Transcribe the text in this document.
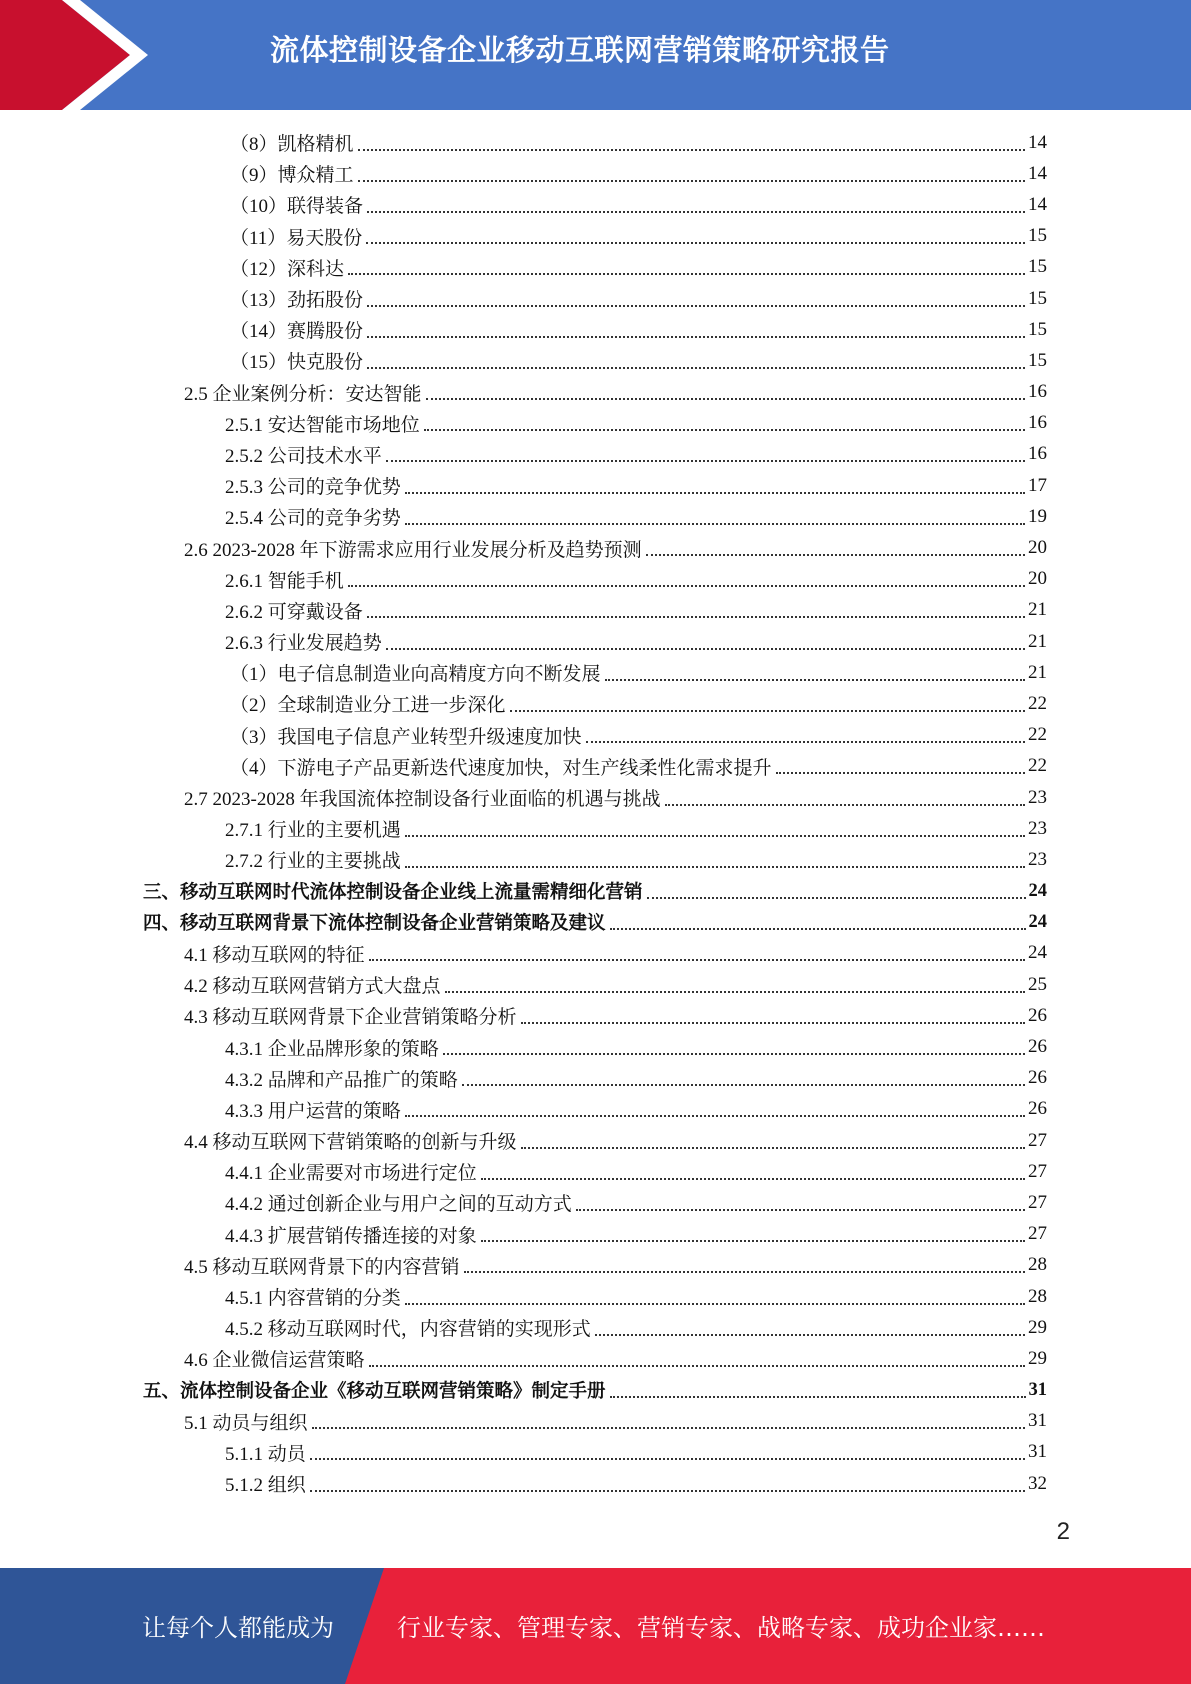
流体控制设备企业移动互联网营销策略研究报告
（8）凯格精机	14
（9）博众精工	14
（10）联得装备	14
（11）易天股份	15
（12）深科达	15
（13）劲拓股份	15
（14）赛腾股份	15
（15）快克股份	15
2.5 企业案例分析：安达智能	16
2.5.1 安达智能市场地位	16
2.5.2 公司技术水平	16
2.5.3 公司的竞争优势	17
2.5.4 公司的竞争劣势	19
2.6 2023-2028 年下游需求应用行业发展分析及趋势预测	20
2.6.1 智能手机	20
2.6.2 可穿戴设备	21
2.6.3 行业发展趋势	21
（1）电子信息制造业向高精度方向不断发展	21
（2）全球制造业分工进一步深化	22
（3）我国电子信息产业转型升级速度加快	22
（4）下游电子产品更新迭代速度加快，对生产线柔性化需求提升	22
2.7 2023-2028 年我国流体控制设备行业面临的机遇与挑战	23
2.7.1 行业的主要机遇	23
2.7.2 行业的主要挑战	23
三、移动互联网时代流体控制设备企业线上流量需精细化营销	24
四、移动互联网背景下流体控制设备企业营销策略及建议	24
4.1 移动互联网的特征	24
4.2 移动互联网营销方式大盘点	25
4.3 移动互联网背景下企业营销策略分析	26
4.3.1 企业品牌形象的策略	26
4.3.2 品牌和产品推广的策略	26
4.3.3 用户运营的策略	26
4.4 移动互联网下营销策略的创新与升级	27
4.4.1 企业需要对市场进行定位	27
4.4.2 通过创新企业与用户之间的互动方式	27
4.4.3 扩展营销传播连接的对象	27
4.5 移动互联网背景下的内容营销	28
4.5.1 内容营销的分类	28
4.5.2 移动互联网时代，内容营销的实现形式	29
4.6 企业微信运营策略	29
五、流体控制设备企业《移动互联网营销策略》制定手册	31
5.1 动员与组织	31
5.1.1 动员	31
5.1.2 组织	32
2
让每个人都能成为	行业专家、管理专家、营销专家、战略专家、成功企业家……
